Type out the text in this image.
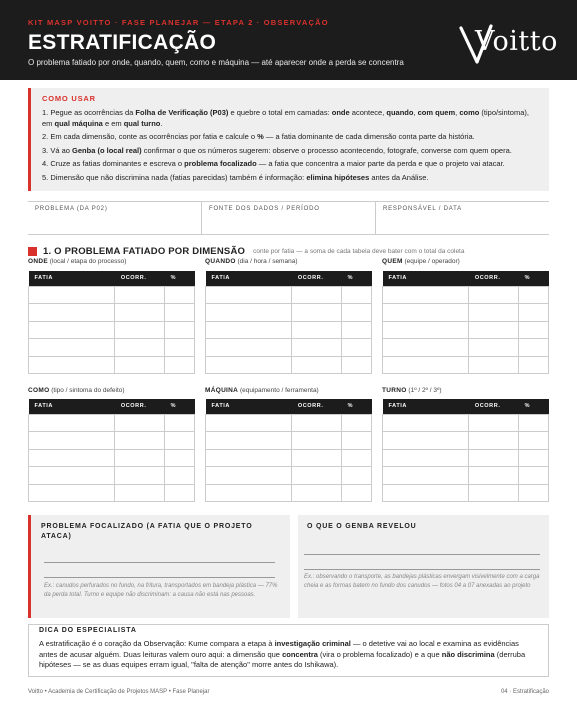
KIT MASP VOITTO · FASE PLANEJAR — ETAPA 2 · OBSERVAÇÃO
ESTRATIFICAÇÃO
O problema fatiado por onde, quando, quem, como e máquina — até aparecer onde a perda se concentra
Voitto
COMO USAR
1. Pegue as ocorrências da Folha de Verificação (P03) e quebre o total em camadas: onde acontece, quando, com quem, como (tipo/sintoma), em qual máquina e em qual turno.
2. Em cada dimensão, conte as ocorrências por fatia e calcule o % — a fatia dominante de cada dimensão conta parte da história.
3. Vá ao Genba (o local real) confirmar o que os números sugerem: observe o processo acontecendo, fotografe, converse com quem opera.
4. Cruze as fatias dominantes e escreva o problema focalizado — a fatia que concentra a maior parte da perda e que o projeto vai atacar.
5. Dimensão que não discrimina nada (fatias parecidas) também é informação: elimina hipóteses antes da Análise.
PROBLEMA (DA P02)	FONTE DOS DADOS / PERÍODO	RESPONSÁVEL / DATA
1. O PROBLEMA FATIADO POR DIMENSÃO conte por fatia — a soma de cada tabela deve bater com o total da coleta
ONDE (local / etapa do processo)
FATIA	OCORR.	%

QUANDO (dia / hora / semana)
FATIA	OCORR.	%

QUEM (equipe / operador)
FATIA	OCORR.	%

COMO (tipo / sintoma do defeito)
FATIA	OCORR.	%

MÁQUINA (equipamento / ferramenta)
FATIA	OCORR.	%

TURNO (1º / 2º / 3º)
FATIA	OCORR.	%

PROBLEMA FOCALIZADO (A FATIA QUE O PROJETO ATACA)
Ex.: canudos perfurados no fundo, na fritura, transportados em bandeja plástica — 77% da perda total. Turno e equipe não discriminam: a causa não está nas pessoas.
O QUE O GENBA REVELOU
Ex.: observando o transporte, as bandejas plásticas envergam visivelmente com a carga cheia e as formas batem no fundo dos canudos — fotos 04 a 07 anexadas ao projeto
DICA DO ESPECIALISTA
A estratificação é o coração da Observação: Kume compara a etapa à investigação criminal — o detetive vai ao local e examina as evidências antes de acusar alguém. Duas leituras valem ouro aqui: a dimensão que concentra (vira o problema focalizado) e a que não discrimina (derruba hipóteses — se as duas equipes erram igual, "falta de atenção" morre antes do Ishikawa).
Voitto • Academia de Certificação de Projetos MASP • Fase Planejar	04 · Estratificação
